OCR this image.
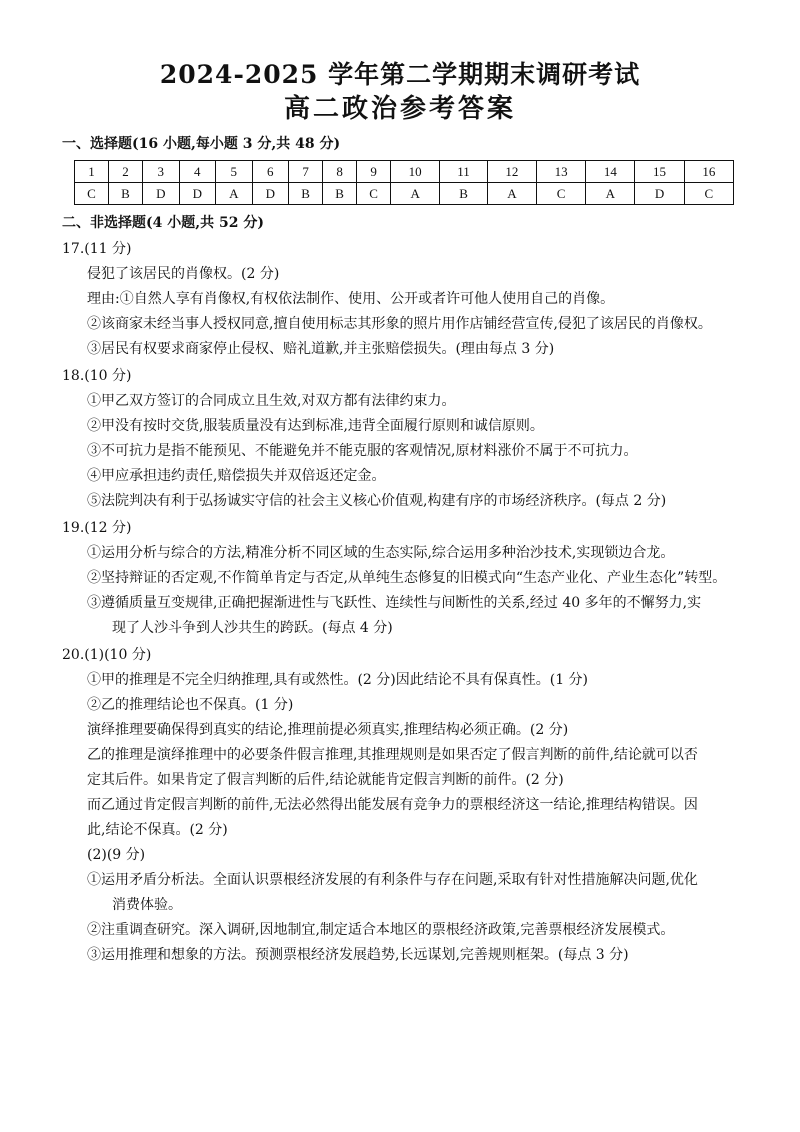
2024-2025 学年第二学期期末调研考试
高二政治参考答案
一、选择题(16 小题,每小题 3 分,共 48 分)
1	2	3	4	5	6	7	8	9	10	11	12	13	14	15	16
C	B	D	D	A	D	B	B	C	A	B	A	C	A	D	C
二、非选择题(4 小题,共 52 分)
17.(11 分)
侵犯了该居民的肖像权。(2 分)
理由:①自然人享有肖像权,有权依法制作、使用、公开或者许可他人使用自己的肖像。
②该商家未经当事人授权同意,擅自使用标志其形象的照片用作店铺经营宣传,侵犯了该居民的肖像权。
③居民有权要求商家停止侵权、赔礼道歉,并主张赔偿损失。(理由每点 3 分)
18.(10 分)
①甲乙双方签订的合同成立且生效,对双方都有法律约束力。
②甲没有按时交货,服装质量没有达到标准,违背全面履行原则和诚信原则。
③不可抗力是指不能预见、不能避免并不能克服的客观情况,原材料涨价不属于不可抗力。
④甲应承担违约责任,赔偿损失并双倍返还定金。
⑤法院判决有利于弘扬诚实守信的社会主义核心价值观,构建有序的市场经济秩序。(每点 2 分)
19.(12 分)
①运用分析与综合的方法,精准分析不同区域的生态实际,综合运用多种治沙技术,实现锁边合龙。
②坚持辩证的否定观,不作简单肯定与否定,从单纯生态修复的旧模式向“生态产业化、产业生态化”转型。
③遵循质量互变规律,正确把握渐进性与飞跃性、连续性与间断性的关系,经过 40 多年的不懈努力,实
现了人沙斗争到人沙共生的跨跃。(每点 4 分)
20.(1)(10 分)
①甲的推理是不完全归纳推理,具有或然性。(2 分)因此结论不具有保真性。(1 分)
②乙的推理结论也不保真。(1 分)
演绎推理要确保得到真实的结论,推理前提必须真实,推理结构必须正确。(2 分)
乙的推理是演绎推理中的必要条件假言推理,其推理规则是如果否定了假言判断的前件,结论就可以否
定其后件。如果肯定了假言判断的后件,结论就能肯定假言判断的前件。(2 分)
而乙通过肯定假言判断的前件,无法必然得出能发展有竞争力的票根经济这一结论,推理结构错误。因
此,结论不保真。(2 分)
(2)(9 分)
①运用矛盾分析法。全面认识票根经济发展的有利条件与存在问题,采取有针对性措施解决问题,优化
消费体验。
②注重调查研究。深入调研,因地制宜,制定适合本地区的票根经济政策,完善票根经济发展模式。
③运用推理和想象的方法。预测票根经济发展趋势,长远谋划,完善规则框架。(每点 3 分)
